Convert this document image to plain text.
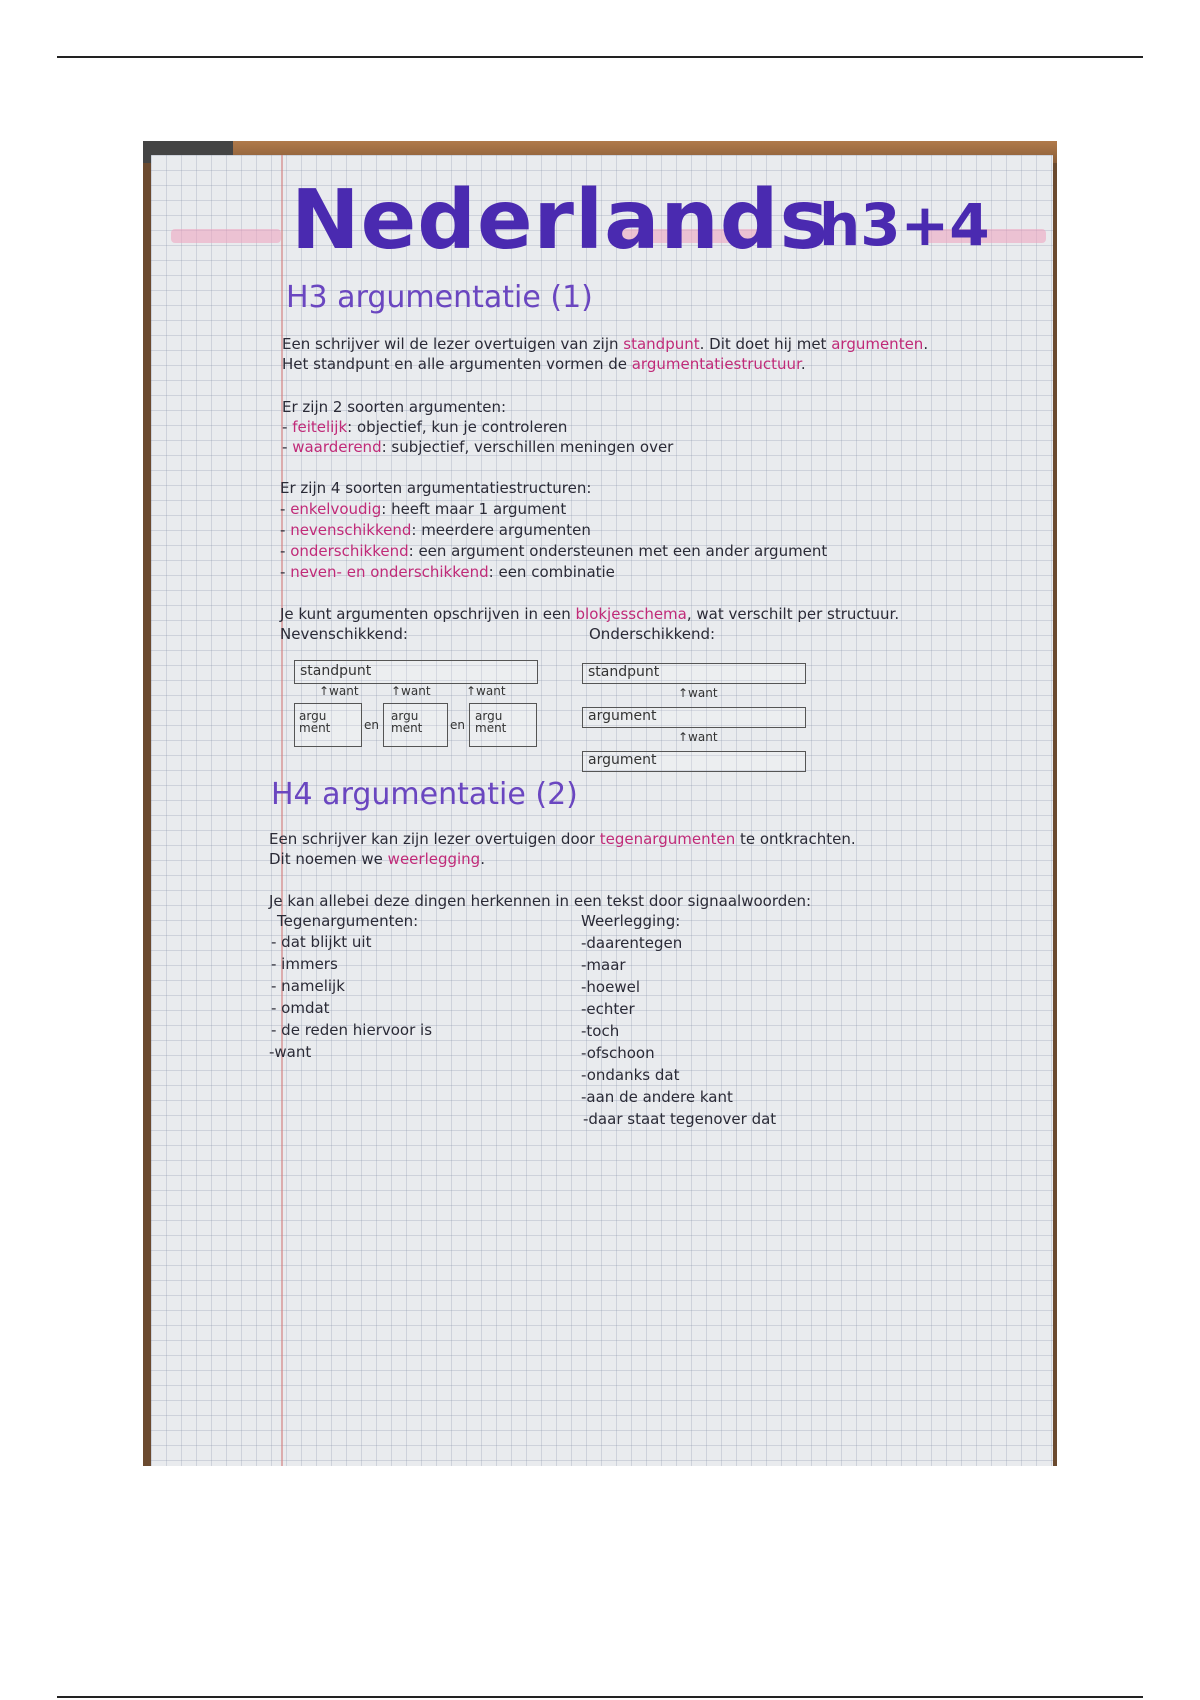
Nederlands
h3+4
H3 argumentatie (1)
Een schrijver wil de lezer overtuigen van zijn standpunt. Dit doet hij met argumenten.
Het standpunt en alle argumenten vormen de argumentatiestructuur.
Er zijn 2 soorten argumenten:
- feitelijk: objectief, kun je controleren
- waarderend: subjectief, verschillen meningen over
Er zijn 4 soorten argumentatiestructuren:
- enkelvoudig: heeft maar 1 argument
- nevenschikkend: meerdere argumenten
- onderschikkend: een argument ondersteunen met een ander argument
- neven- en onderschikkend: een combinatie
Je kunt argumenten opschrijven in een blokjesschema, wat verschilt per structuur.
Nevenschikkend:	Onderschikkend:
standpunt
↑want	↑want	↑want
argu ment	en
argu ment	en
argu ment
standpunt
↑want
argument
↑want
argument
H4 argumentatie (2)
Een schrijver kan zijn lezer overtuigen door tegenargumenten te ontkrachten.
Dit noemen we weerlegging.
Je kan allebei deze dingen herkennen in een tekst door signaalwoorden:
Tegenargumenten:	Weerlegging:
- dat blijkt uit
- immers
- namelijk
- omdat
- de reden hiervoor is
-want
-daarentegen
-maar
-hoewel
-echter
-toch
-ofschoon
-ondanks dat
-aan de andere kant
-daar staat tegenover dat
